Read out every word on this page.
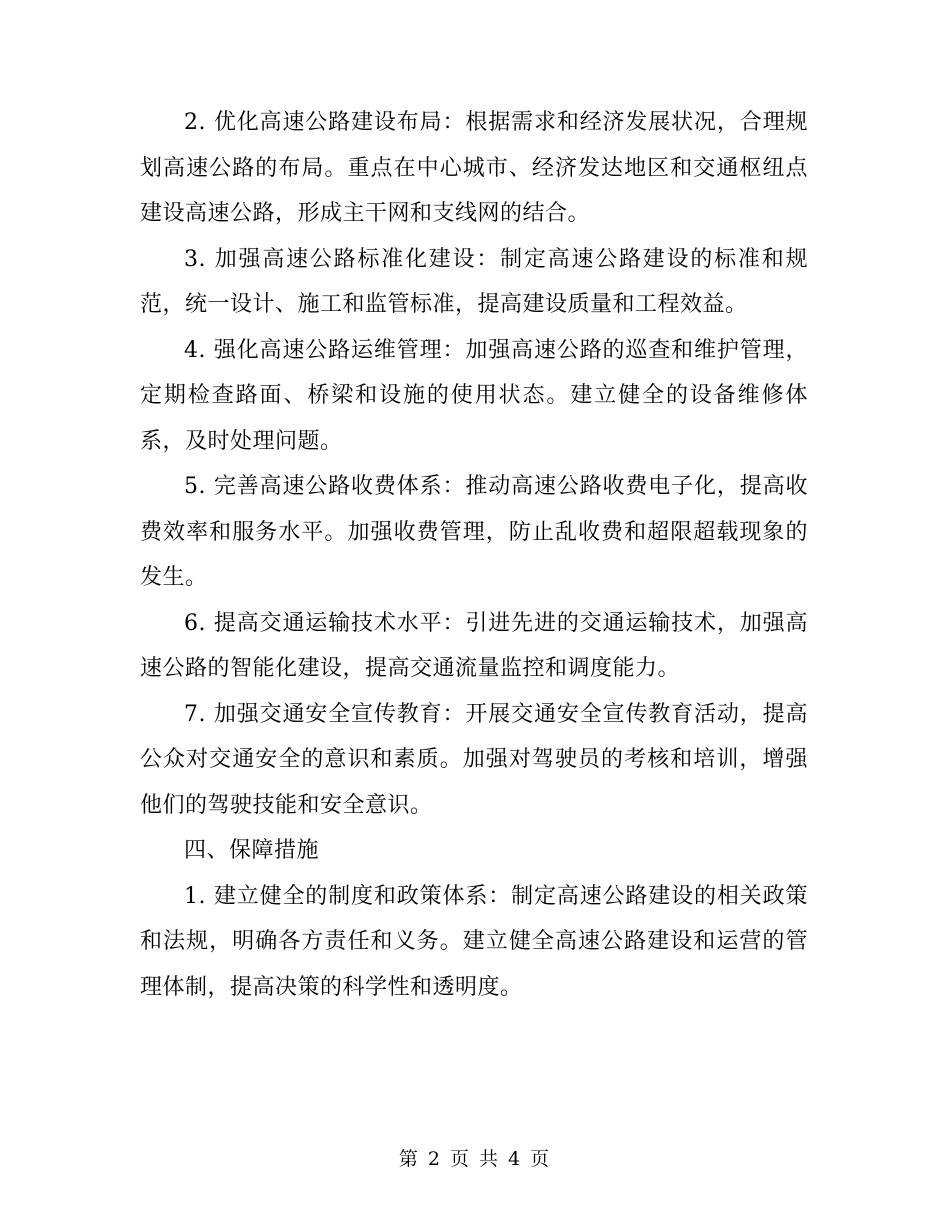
2. 优化高速公路建设布局：根据需求和经济发展状况，合理规划高速公路的布局。重点在中心城市、经济发达地区和交通枢纽点建设高速公路，形成主干网和支线网的结合。

3. 加强高速公路标准化建设：制定高速公路建设的标准和规范，统一设计、施工和监管标准，提高建设质量和工程效益。

4. 强化高速公路运维管理：加强高速公路的巡查和维护管理，定期检查路面、桥梁和设施的使用状态。建立健全的设备维修体系，及时处理问题。

5. 完善高速公路收费体系：推动高速公路收费电子化，提高收费效率和服务水平。加强收费管理，防止乱收费和超限超载现象的发生。

6. 提高交通运输技术水平：引进先进的交通运输技术，加强高速公路的智能化建设，提高交通流量监控和调度能力。

7. 加强交通安全宣传教育：开展交通安全宣传教育活动，提高公众对交通安全的意识和素质。加强对驾驶员的考核和培训，增强他们的驾驶技能和安全意识。

四、保障措施

1. 建立健全的制度和政策体系：制定高速公路建设的相关政策和法规，明确各方责任和义务。建立健全高速公路建设和运营的管理体制，提高决策的科学性和透明度。

第 2 页 共 4 页
